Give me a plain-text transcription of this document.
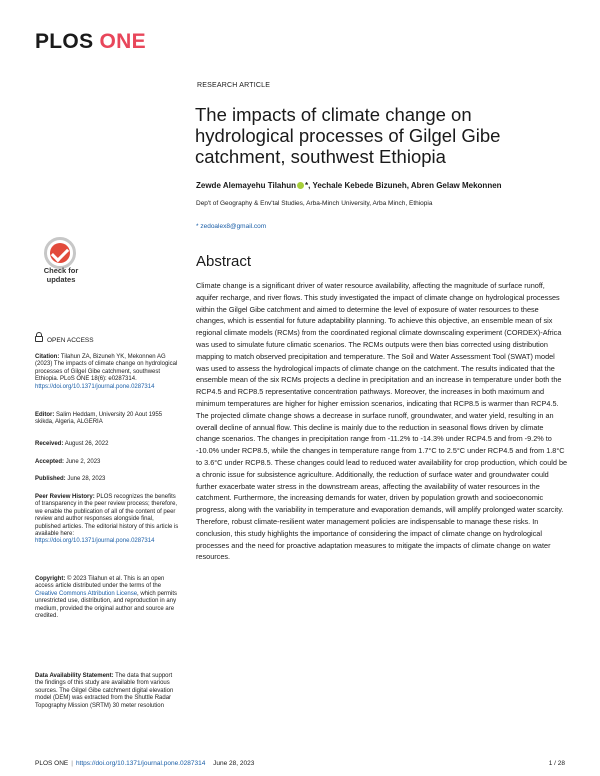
PLOS ONE
RESEARCH ARTICLE
The impacts of climate change on hydrological processes of Gilgel Gibe catchment, southwest Ethiopia
Zewde Alemayehu Tilahun *, Yechale Kebede Bizuneh, Abren Gelaw Mekonnen
Dep't of Geography & Env'tal Studies, Arba-Minch University, Arba Minch, Ethiopia
* zedoalex8@gmail.com
Check for
updates
OPEN ACCESS
Citation: Tilahun ZA, Bizuneh YK, Mekonnen AG (2023) The impacts of climate change on hydrological processes of Gilgel Gibe catchment, southwest Ethiopia. PLoS ONE 18(6): e0287314. https://doi.org/10.1371/journal.pone.0287314
Editor: Salim Heddam, University 20 Aout 1955 skikda, Algeria, ALGERIA
Received: August 26, 2022
Accepted: June 2, 2023
Published: June 28, 2023
Peer Review History: PLOS recognizes the benefits of transparency in the peer review process; therefore, we enable the publication of all of the content of peer review and author responses alongside final, published articles. The editorial history of this article is available here: https://doi.org/10.1371/journal.pone.0287314
Copyright: © 2023 Tilahun et al. This is an open access article distributed under the terms of the Creative Commons Attribution License, which permits unrestricted use, distribution, and reproduction in any medium, provided the original author and source are credited.
Data Availability Statement: The data that support the findings of this study are available from various sources. The Gilgel Gibe catchment digital elevation model (DEM) was extracted from the Shuttle Radar Topography Mission (SRTM) 30 meter resolution
Abstract

Climate change is a significant driver of water resource availability, affecting the magnitude of surface runoff, aquifer recharge, and river flows. This study investigated the impact of climate change on hydrological processes within the Gilgel Gibe catchment and aimed to determine the level of exposure of water resources to these changes, which is essential for future adaptability planning. To achieve this objective, an ensemble mean of six regional climate models (RCMs) from the coordinated regional climate downscaling experiment (CORDEX)-Africa was used to simulate future climatic scenarios. The RCMs outputs were then bias corrected using distribution mapping to match observed precipitation and temperature. The Soil and Water Assessment Tool (SWAT) model was used to assess the hydrological impacts of climate change on the catchment. The results indicated that the ensemble mean of the six RCMs projects a decline in precipitation and an increase in temperature under both the RCP4.5 and RCP8.5 representative concentration pathways. Moreover, the increases in both maximum and minimum temperatures are higher for higher emission scenarios, indicating that RCP8.5 is warmer than RCP4.5. The projected climate change shows a decrease in surface runoff, groundwater, and water yield, resulting in an overall decline of annual flow. This decline is mainly due to the reduction in seasonal flows driven by climate change scenarios. The changes in precipitation range from -11.2% to -14.3% under RCP4.5 and from -9.2% to -10.0% under RCP8.5, while the changes in temperature range from 1.7°C to 2.5°C under RCP4.5 and from 1.8°C to 3.6°C under RCP8.5. These changes could lead to reduced water availability for crop production, which could be a chronic issue for subsistence agriculture. Additionally, the reduction of surface water and groundwater could further exacerbate water stress in the downstream areas, affecting the availability of water resources in the catchment. Furthermore, the increasing demands for water, driven by population growth and socioeconomic progress, along with the variability in temperature and evaporation demands, will amplify prolonged water scarcity. Therefore, robust climate-resilient water management policies are indispensable to manage these risks. In conclusion, this study highlights the importance of considering the impact of climate change on hydrological processes and the need for proactive adaptation measures to mitigate the impacts of climate change on water resources.

PLOS ONE | https://doi.org/10.1371/journal.pone.0287314 June 28, 2023	1 / 28
